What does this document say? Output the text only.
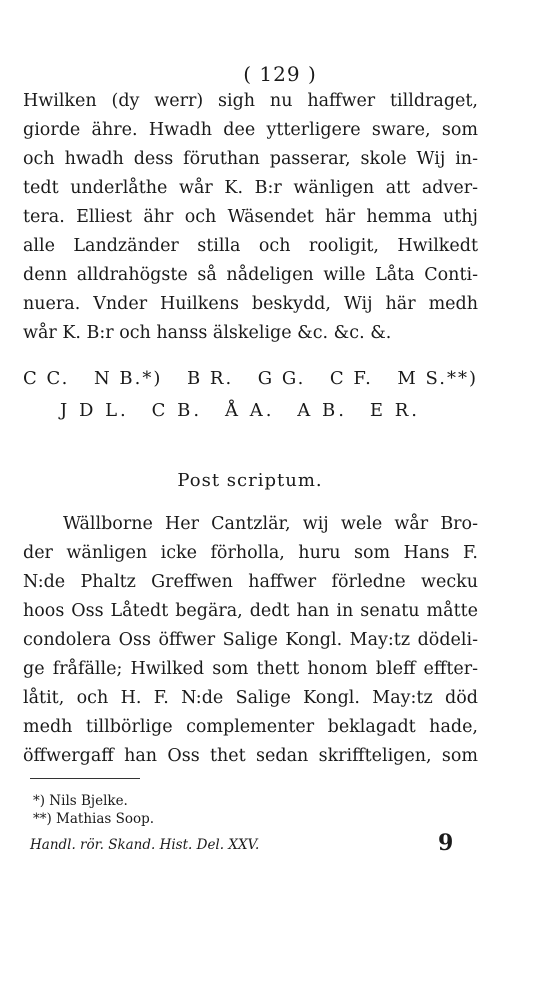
( 129 )
Hwilken (dy werr) sigh nu haffwer tilldraget,
giorde ähre. Hwadh dee ytterligere sware, som
och hwadh dess föruthan passerar, skole Wij in-
tedt underlåthe wår K. B:r wänligen att adver-
tera. Elliest ähr och Wäsendet här hemma uthj
alle Landzänder stilla och rooligit, Hwilkedt
denn alldrahögste så nådeligen wille Låta Conti-
nuera. Vnder Huilkens beskydd, Wij här medh
wår K. B:r och hanss älskelige &c. &c. &.
C C. N B.*) B R. G G. C F. M S.**)
J D L. C B. Å A. A B. E R.
Post scriptum.
Wällborne Her Cantzlär, wij wele wår Bro-
der wänligen icke förholla, huru som Hans F.
N:de Phaltz Greffwen haffwer förledne wecku
hoos Oss Låtedt begära, dedt han in senatu måtte
condolera Oss öffwer Salige Kongl. May:tz dödeli-
ge fråfälle; Hwilked som thett honom bleff effter-
låtit, och H. F. N:de Salige Kongl. May:tz död
medh tillbörlige complementer beklagadt hade,
öffwergaff han Oss thet sedan skriffteligen, som
*) Nils Bjelke.
**) Mathias Soop.
Handl. rör. Skand. Hist. Del. XXV.	9
